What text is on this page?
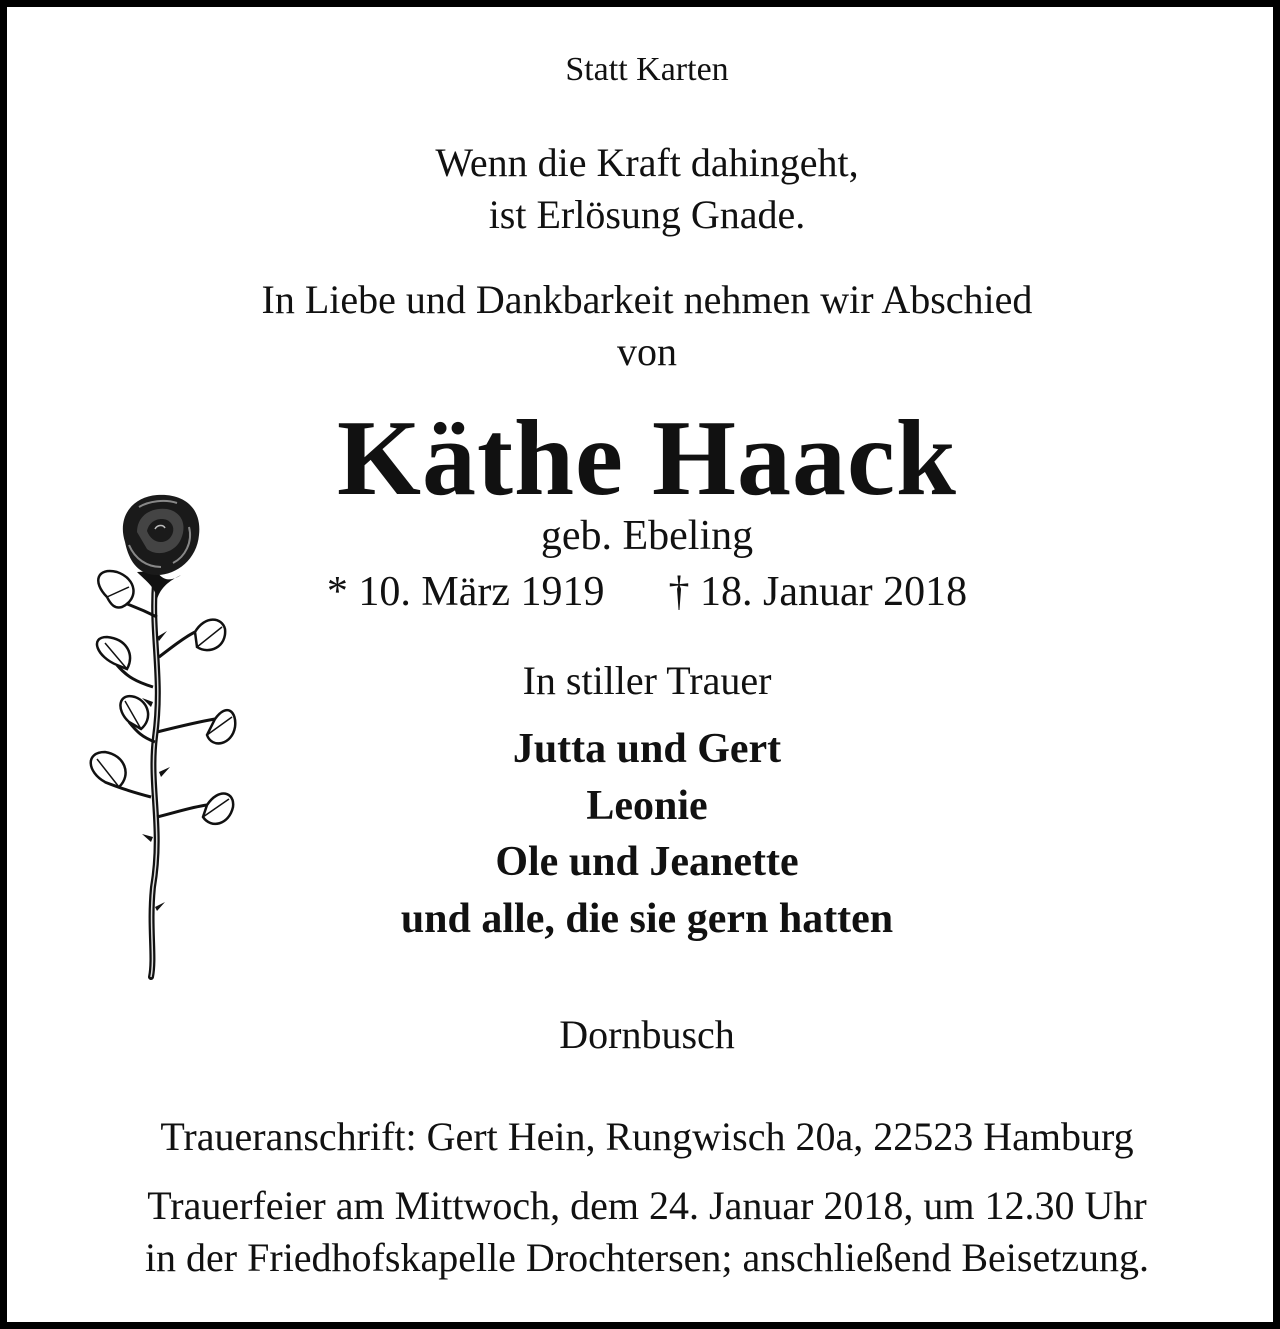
Statt Karten
Wenn die Kraft dahingeht,
ist Erlösung Gnade.
In Liebe und Dankbarkeit nehmen wir Abschied
von
Käthe Haack
geb. Ebeling
* 10. März 1919 † 18. Januar 2018
In stiller Trauer
Jutta und Gert
Leonie
Ole und Jeanette
und alle, die sie gern hatten
Dornbusch
Traueranschrift: Gert Hein, Rungwisch 20a, 22523 Hamburg
Trauerfeier am Mittwoch, dem 24. Januar 2018, um 12.30 Uhr
in der Friedhofskapelle Drochtersen; anschließend Beisetzung.
